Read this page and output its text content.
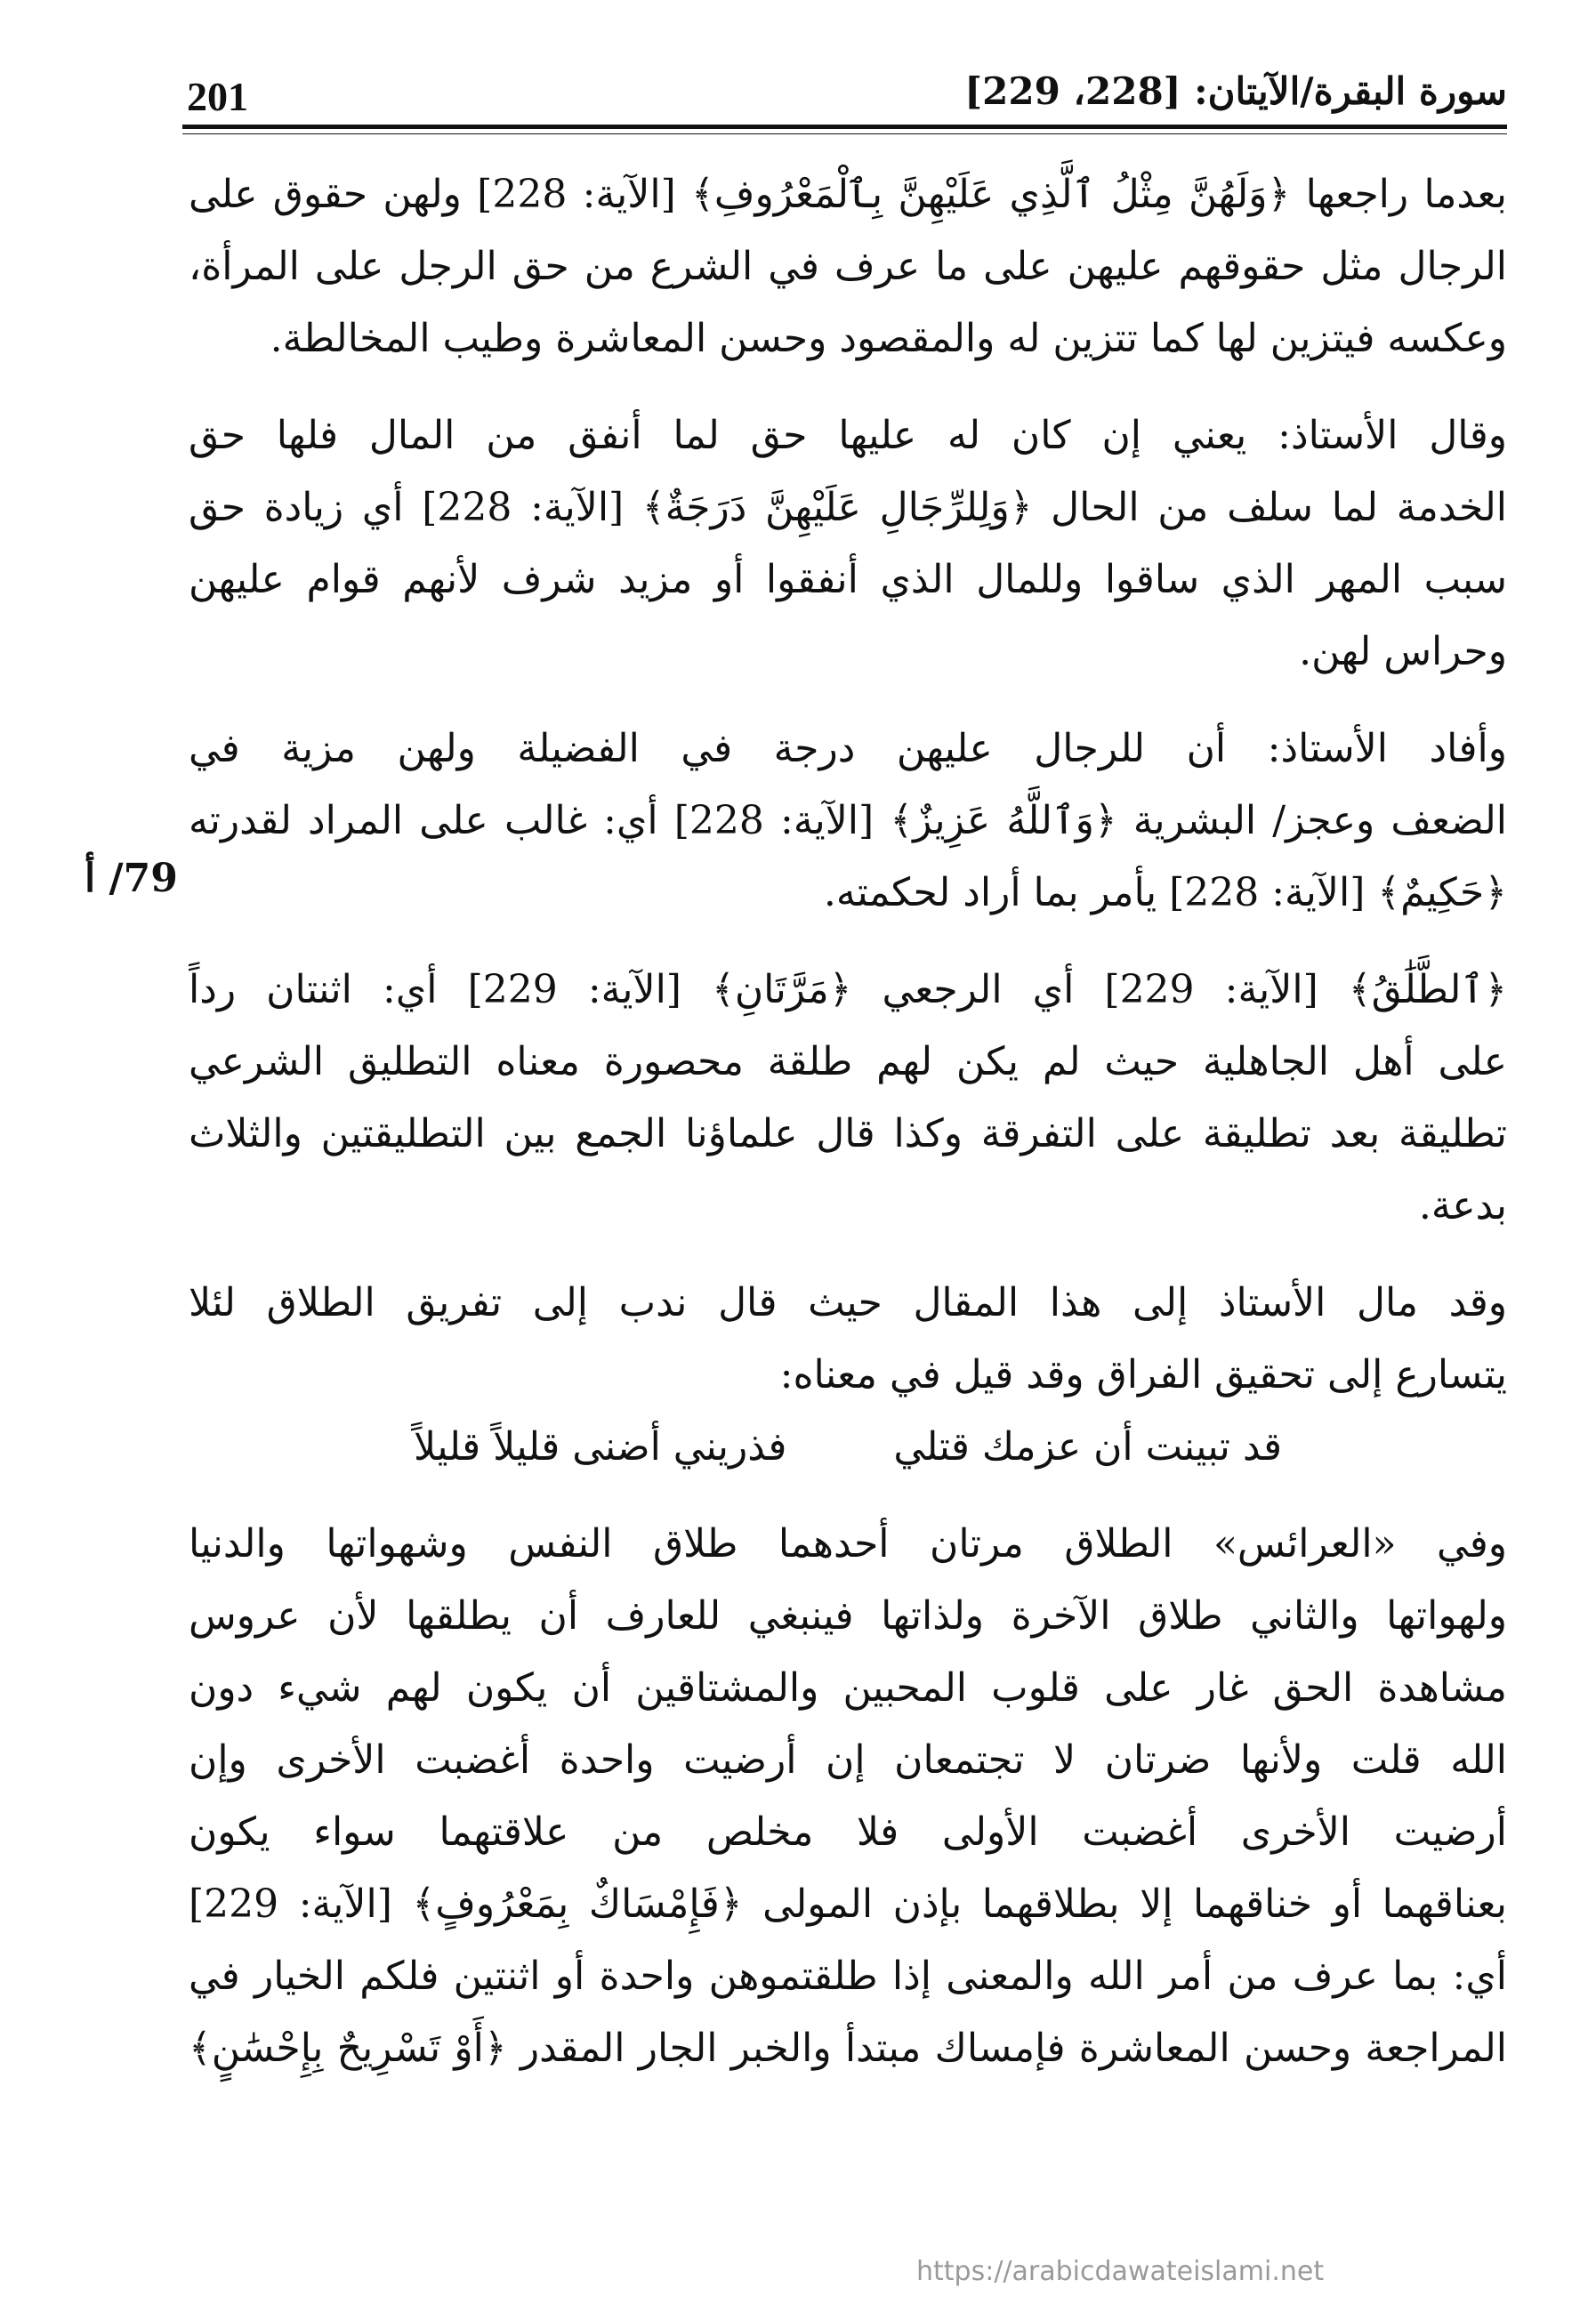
201	سورة البقرة/الآيتان: [228، 229]
79/ أ
بعدما راجعها ﴿وَلَهُنَّ مِثْلُ ٱلَّذِي عَلَيْهِنَّ بِٱلْمَعْرُوفِ﴾ [الآية: 228] ولهن حقوق على
الرجال مثل حقوقهم عليهن على ما عرف في الشرع من حق الرجل على المرأة،
وعكسه فيتزين لها كما تتزين له والمقصود وحسن المعاشرة وطيب المخالطة.
وقال الأستاذ: يعني إن كان له عليها حق لما أنفق من المال فلها حق
الخدمة لما سلف من الحال ﴿وَلِلرِّجَالِ عَلَيْهِنَّ دَرَجَةٌ﴾ [الآية: 228] أي زيادة حق
سبب المهر الذي ساقوا وللمال الذي أنفقوا أو مزيد شرف لأنهم قوام عليهن
وحراس لهن.
وأفاد الأستاذ: أن للرجال عليهن درجة في الفضيلة ولهن مزية في
الضعف وعجز/ البشرية ﴿وَٱللَّهُ عَزِيزٌ﴾ [الآية: 228] أي: غالب على المراد لقدرته
﴿حَكِيمٌ﴾ [الآية: 228] يأمر بما أراد لحكمته.
﴿ٱلطَّلَٰقُ﴾ [الآية: 229] أي الرجعي ﴿مَرَّتَانِ﴾ [الآية: 229] أي: اثنتان رداً
على أهل الجاهلية حيث لم يكن لهم طلقة محصورة معناه التطليق الشرعي
تطليقة بعد تطليقة على التفرقة وكذا قال علماؤنا الجمع بين التطليقتين والثلاث
بدعة.
وقد مال الأستاذ إلى هذا المقال حيث قال ندب إلى تفريق الطلاق لئلا
يتسارع إلى تحقيق الفراق وقد قيل في معناه:
قد تبينت أن عزمك قتلي
فذريني أضنى قليلاً قليلاً
وفي «العرائس» الطلاق مرتان أحدهما طلاق النفس وشهواتها والدنيا
ولهواتها والثاني طلاق الآخرة ولذاتها فينبغي للعارف أن يطلقها لأن عروس
مشاهدة الحق غار على قلوب المحبين والمشتاقين أن يكون لهم شيء دون
الله قلت ولأنها ضرتان لا تجتمعان إن أرضيت واحدة أغضبت الأخرى وإن
أرضيت الأخرى أغضبت الأولى فلا مخلص من علاقتهما سواء يكون
بعناقهما أو خناقهما إلا بطلاقهما بإذن المولى ﴿فَإِمْسَاكٌ بِمَعْرُوفٍ﴾ [الآية: 229]
أي: بما عرف من أمر الله والمعنى إذا طلقتموهن واحدة أو اثنتين فلكم الخيار في
المراجعة وحسن المعاشرة فإمساك مبتدأ والخبر الجار المقدر ﴿أَوْ تَسْرِيحٌ بِإِحْسَٰنٍ﴾
https://arabicdawateislami.net
